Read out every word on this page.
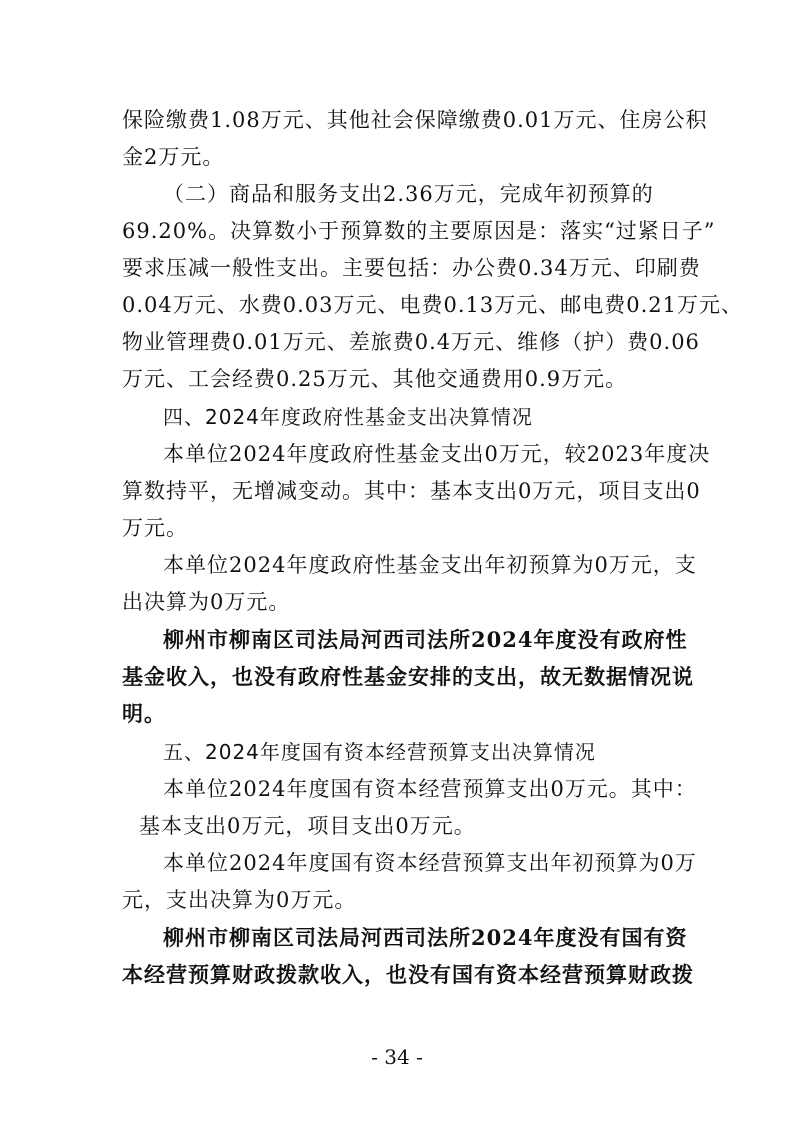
保险缴费1.08万元、其他社会保障缴费0.01万元、住房公积
金2万元。
（二）商品和服务支出2.36万元，完成年初预算的
69.20%。决算数小于预算数的主要原因是：落实“过紧日子”
要求压减一般性支出。主要包括：办公费0.34万元、印刷费
0.04万元、水费0.03万元、电费0.13万元、邮电费0.21万元、
物业管理费0.01万元、差旅费0.4万元、维修（护）费0.06
万元、工会经费0.25万元、其他交通费用0.9万元。
四、2024年度政府性基金支出决算情况
本单位2024年度政府性基金支出0万元，较2023年度决
算数持平，无增减变动。其中：基本支出0万元，项目支出0
万元。
本单位2024年度政府性基金支出年初预算为0万元，支
出决算为0万元。
柳州市柳南区司法局河西司法所2024年度没有政府性
基金收入，也没有政府性基金安排的支出，故无数据情况说
明。
五、2024年度国有资本经营预算支出决算情况
本单位2024年度国有资本经营预算支出0万元。其中：
基本支出0万元，项目支出0万元。
本单位2024年度国有资本经营预算支出年初预算为0万
元，支出决算为0万元。
柳州市柳南区司法局河西司法所2024年度没有国有资
本经营预算财政拨款收入，也没有国有资本经营预算财政拨
- 34 -
